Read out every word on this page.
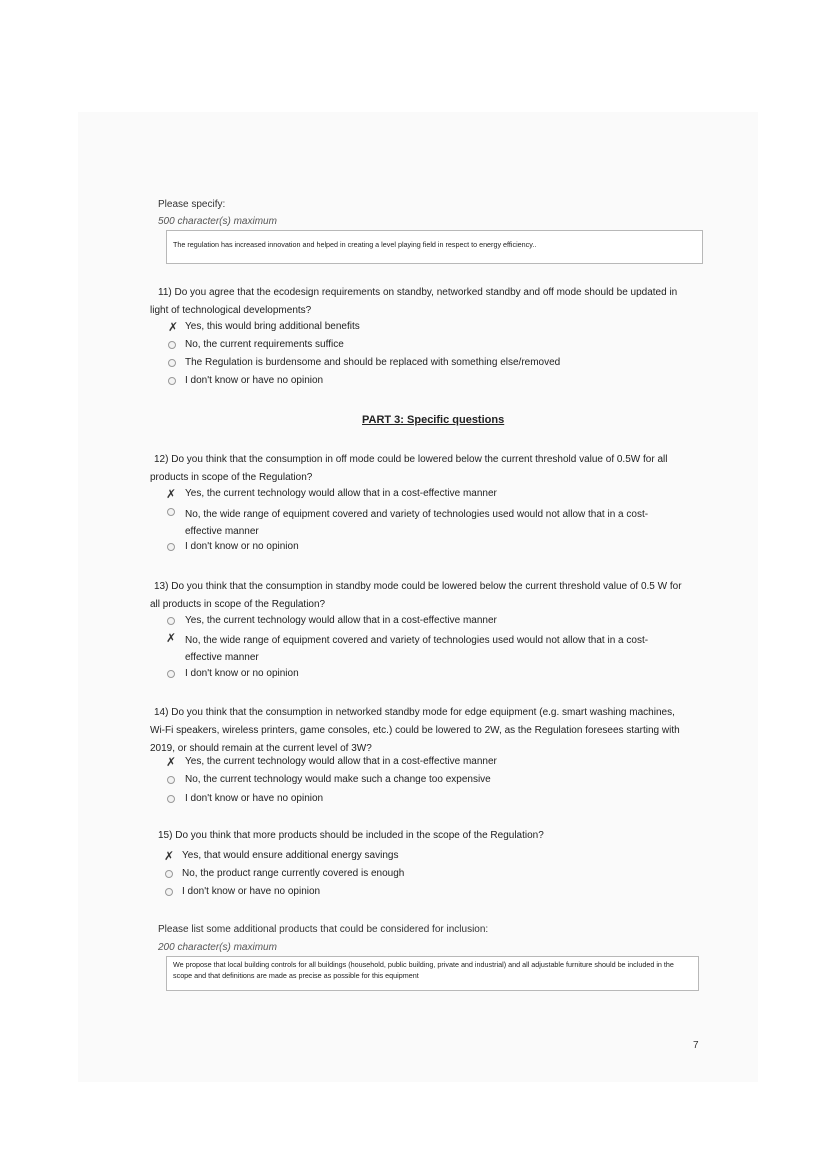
Please specify:
500 character(s) maximum
The regulation has increased innovation and helped in creating a level playing field in respect to energy efficiency..
11) Do you agree that the ecodesign requirements on standby, networked standby and off mode should be updated in light of technological developments?
✗ Yes, this would bring additional benefits
No, the current requirements suffice
The Regulation is burdensome and should be replaced with something else/removed
I don't know or have no opinion
PART 3: Specific questions
12) Do you think that the consumption in off mode could be lowered below the current threshold value of 0.5W for all products in scope of the Regulation?
✗ Yes, the current technology would allow that in a cost-effective manner
No, the wide range of equipment covered and variety of technologies used would not allow that in a cost-effective manner
I don't know or no opinion
13) Do you think that the consumption in standby mode could be lowered below the current threshold value of 0.5 W for all products in scope of the Regulation?
Yes, the current technology would allow that in a cost-effective manner
✗ No, the wide range of equipment covered and variety of technologies used would not allow that in a cost-effective manner
I don't know or no opinion
14) Do you think that the consumption in networked standby mode for edge equipment (e.g. smart washing machines, Wi-Fi speakers, wireless printers, game consoles, etc.) could be lowered to 2W, as the Regulation foresees starting with 2019, or should remain at the current level of 3W?
✗ Yes, the current technology would allow that in a cost-effective manner
No, the current technology would make such a change too expensive
I don't know or have no opinion
15) Do you think that more products should be included in the scope of the Regulation?
✗ Yes, that would ensure additional energy savings
No, the product range currently covered is enough
I don't know or have no opinion
Please list some additional products that could be considered for inclusion:
200 character(s) maximum
We propose that local building controls for all buildings (household, public building, private and industrial) and all adjustable furniture should be included in the scope and that definitions are made as precise as possible for this equipment
7
